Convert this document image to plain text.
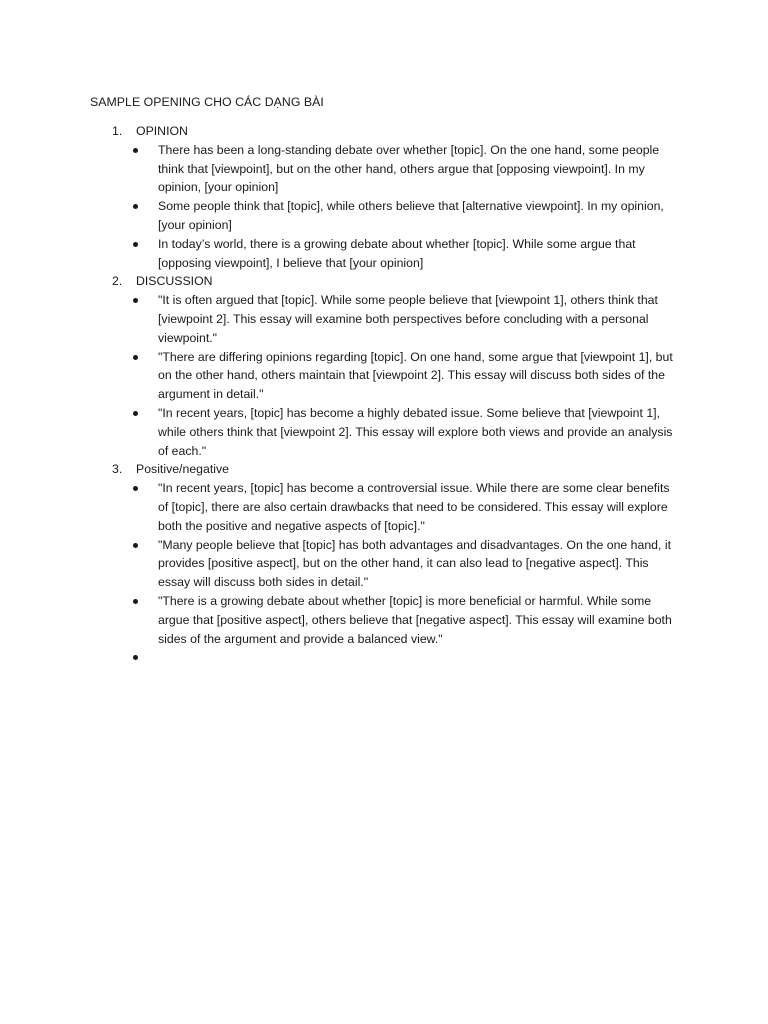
SAMPLE OPENING CHO CÁC DẠNG BÀI
1. OPINION
There has been a long-standing debate over whether [topic]. On the one hand, some people think that [viewpoint], but on the other hand, others argue that [opposing viewpoint]. In my opinion, [your opinion]
Some people think that [topic], while others believe that [alternative viewpoint]. In my opinion, [your opinion]
In today’s world, there is a growing debate about whether [topic]. While some argue that [opposing viewpoint], I believe that [your opinion]
2. DISCUSSION
"It is often argued that [topic]. While some people believe that [viewpoint 1], others think that [viewpoint 2]. This essay will examine both perspectives before concluding with a personal viewpoint."
"There are differing opinions regarding [topic]. On one hand, some argue that [viewpoint 1], but on the other hand, others maintain that [viewpoint 2]. This essay will discuss both sides of the argument in detail."
"In recent years, [topic] has become a highly debated issue. Some believe that [viewpoint 1], while others think that [viewpoint 2]. This essay will explore both views and provide an analysis of each."
3. Positive/negative
"In recent years, [topic] has become a controversial issue. While there are some clear benefits of [topic], there are also certain drawbacks that need to be considered. This essay will explore both the positive and negative aspects of [topic]."
"Many people believe that [topic] has both advantages and disadvantages. On the one hand, it provides [positive aspect], but on the other hand, it can also lead to [negative aspect]. This essay will discuss both sides in detail."
"There is a growing debate about whether [topic] is more beneficial or harmful. While some argue that [positive aspect], others believe that [negative aspect]. This essay will examine both sides of the argument and provide a balanced view."
